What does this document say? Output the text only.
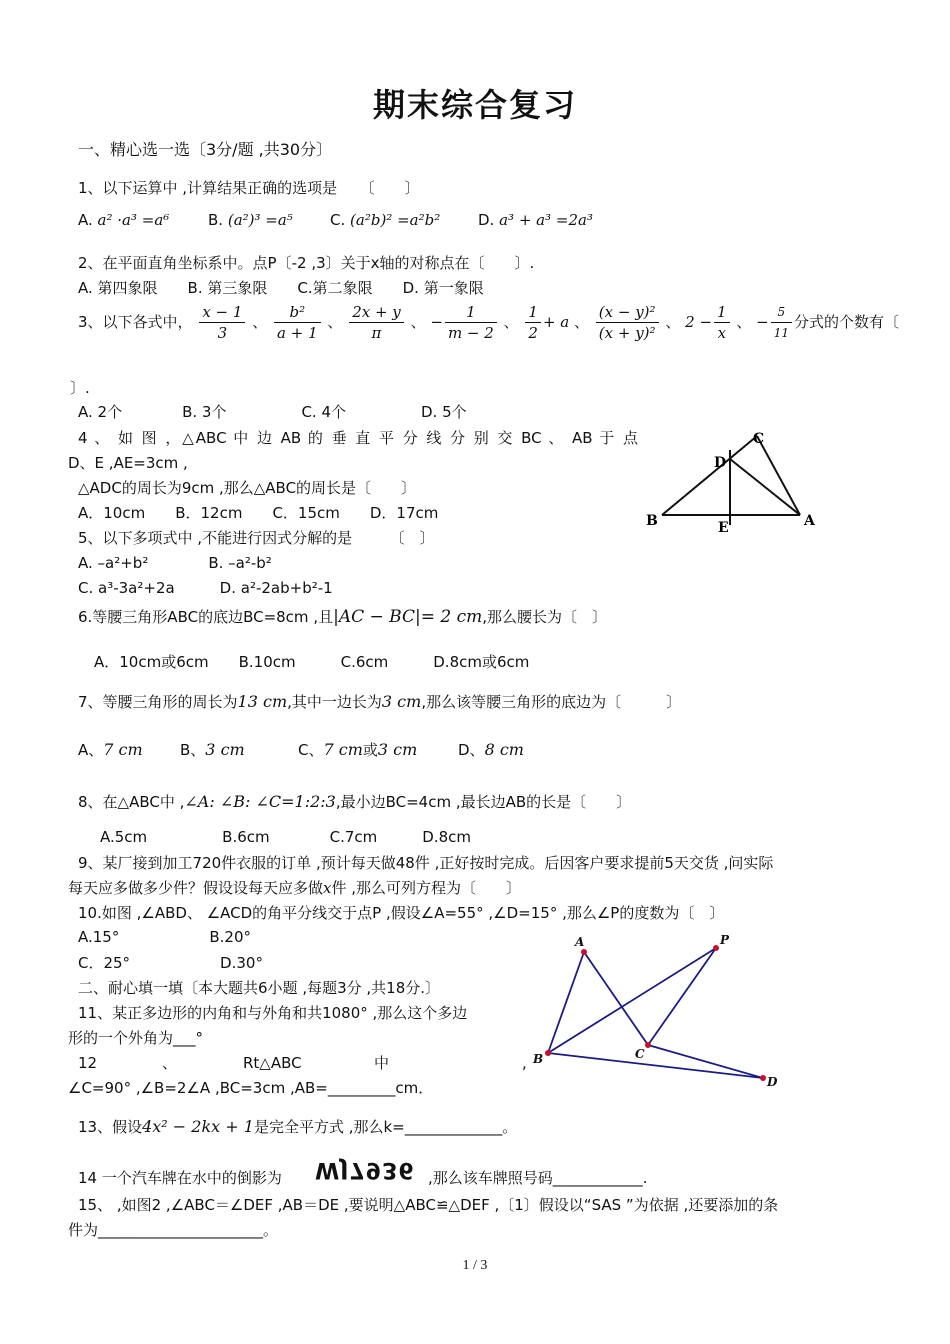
期末综合复习
一、精心选一选〔3分/题 ,共30分〕
1、以下运算中 ,计算结果正确的选项是　　〔　　〕
A. a² ·a³ =a⁶	B. (a²)³ =a⁵ C. (a²b)² =a²b²	D. a³ + a³ =2a³
2、在平面直角坐标系中。点P〔-2 ,3〕关于x轴的对称点在〔　　〕.
A. 第四象限　　B. 第三象限　　C.第二象限　　D. 第一象限
3、以下各式中， $\frac{x - 1}{3}$ 、 $\frac{\text{b²}}{a + 1}$ 、 $\frac{2x + y}{\pi}$ 、 − $\frac{1}{m - 2}$ 、 $\frac{1}{2} + a$ 、 $\frac{\text{(x − y)²}}{\text{(x + y)²}}$ 、 $2 - \frac{1}{x}$ 、 − $\frac{5}{11}$ 分式的个数有〔
〕.
A. 2个　　　　B. 3个　　　　　C. 4个　　　　　D. 5个
4 、 如 图 ，△ABC 中 边 AB 的 垂 直 平 分 线 分 别 交 BC 、 AB 于 点
D、E ,AE=3cm ,
△ADC的周长为9cm ,那么△ABC的周长是〔　　〕
A．10cm　　B．12cm　　C．15cm　　D．17cm
C
D
B	E	A
5、以下多项式中 ,不能进行因式分解的是　　　〔　〕
A. –a²+b²　　　　B. –a²-b²
C. a³-3a²+2a　　　D. a²-2ab+b²-1
6.等腰三角形ABC的底边BC=8cm ,且|AC − BC|= 2 cm,那么腰长为〔　〕
A．10cm或6cm　　B.10cm　　　C.6cm　　　D.8cm或6cm
7、等腰三角形的周长为13 cm,其中一边长为3 cm,那么该等腰三角形的底边为〔　　　〕
A、7 cm B、3 cm	C、7 cm或3 cm	D、8 cm
8、在△ABC中 ,∠A: ∠B: ∠C=1:2:3,最小边BC=4cm ,最长边AB的长是〔　　〕
A.5cm　　　　　B.6cm　　　　C.7cm　　　D.8cm
9、某厂接到加工720件衣服的订单 ,预计每天做48件 ,正好按时完成。后因客户要求提前5天交货 ,问实际
每天应多做多少件？假设设每天应多做x件 ,那么可列方程为〔　　〕
10.如图 ,∠ABD、 ∠ACD的角平分线交于点P ,假设∠A=55° ,∠D=15° ,那么∠P的度数为〔　〕
A.15°　　　　　　B.20°
C．25°　　　　　　D.30°
A	P
B	C
D
二、耐心填一填〔本大题共6小题 ,每题3分 ,共18分.〕
11、某正多边形的内角和与外角和共1080° ,那么这个多边
形的一个外角为___°
12	、	Rt△ABC	中	,
∠C=90° ,∠B=2∠A ,BC=3cm ,AB=_________cm．
13、假设4x² − 2kx + 1是完全平方式 ,那么k=_____________。
14 一个汽车牌在水中的倒影为 WJ7936 ,那么该车牌照号码____________.
15、 ,如图2 ,∠ABC＝∠DEF ,AB＝DE ,要说明△ABC≌△DEF ,〔1〕假设以“SAS ”为依据 ,还要添加的条
件为______________________。
1 / 3
